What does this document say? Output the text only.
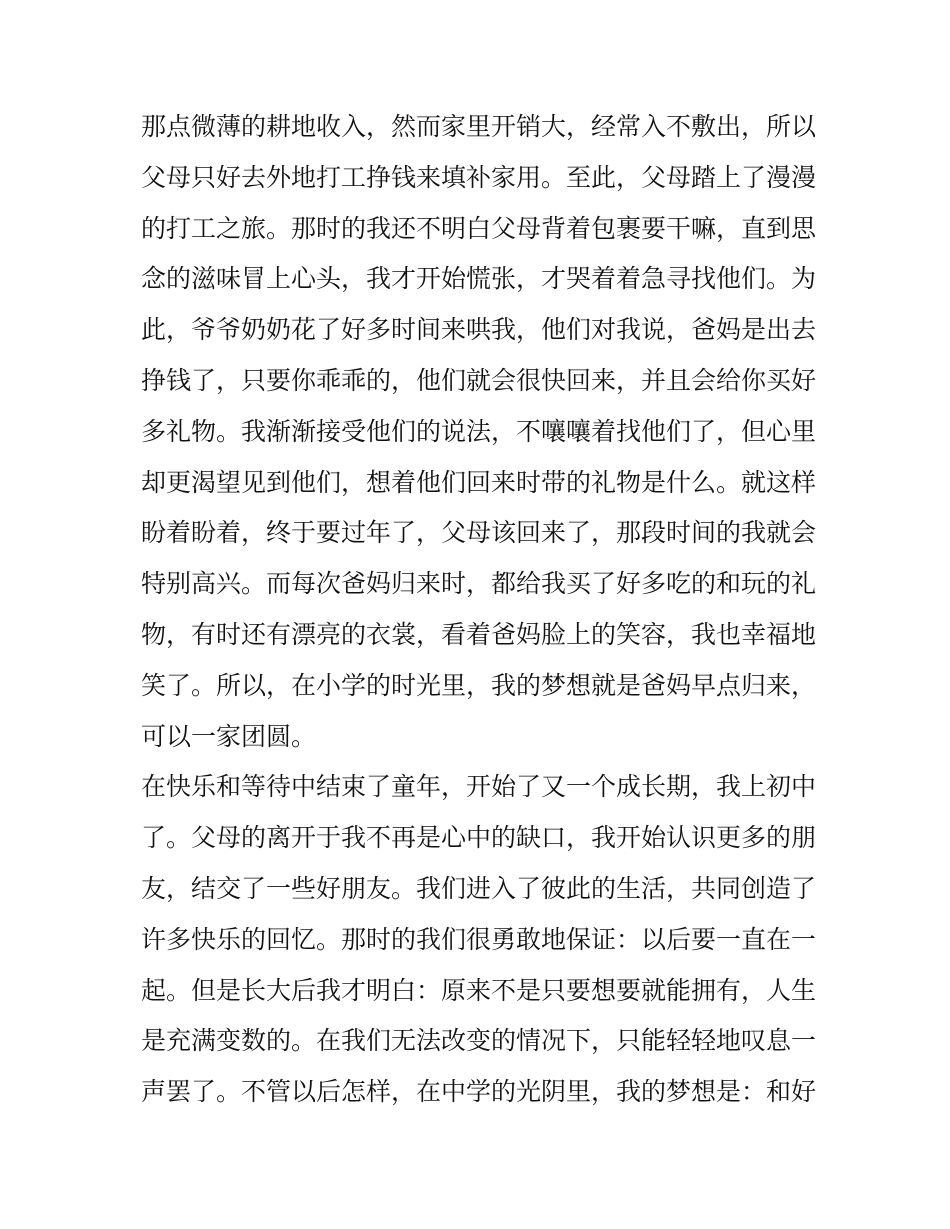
那点微薄的耕地收入，然而家里开销大，经常入不敷出，所以
父母只好去外地打工挣钱来填补家用。至此，父母踏上了漫漫
的打工之旅。那时的我还不明白父母背着包裹要干嘛，直到思
念的滋味冒上心头，我才开始慌张，才哭着着急寻找他们。为
此，爷爷奶奶花了好多时间来哄我，他们对我说，爸妈是出去
挣钱了，只要你乖乖的，他们就会很快回来，并且会给你买好
多礼物。我渐渐接受他们的说法，不嚷嚷着找他们了，但心里
却更渴望见到他们，想着他们回来时带的礼物是什么。就这样
盼着盼着，终于要过年了，父母该回来了，那段时间的我就会
特别高兴。而每次爸妈归来时，都给我买了好多吃的和玩的礼
物，有时还有漂亮的衣裳，看着爸妈脸上的笑容，我也幸福地
笑了。所以，在小学的时光里，我的梦想就是爸妈早点归来，
可以一家团圆。
在快乐和等待中结束了童年，开始了又一个成长期，我上初中
了。父母的离开于我不再是心中的缺口，我开始认识更多的朋
友，结交了一些好朋友。我们进入了彼此的生活，共同创造了
许多快乐的回忆。那时的我们很勇敢地保证：以后要一直在一
起。但是长大后我才明白：原来不是只要想要就能拥有，人生
是充满变数的。在我们无法改变的情况下，只能轻轻地叹息一
声罢了。不管以后怎样，在中学的光阴里，我的梦想是：和好
